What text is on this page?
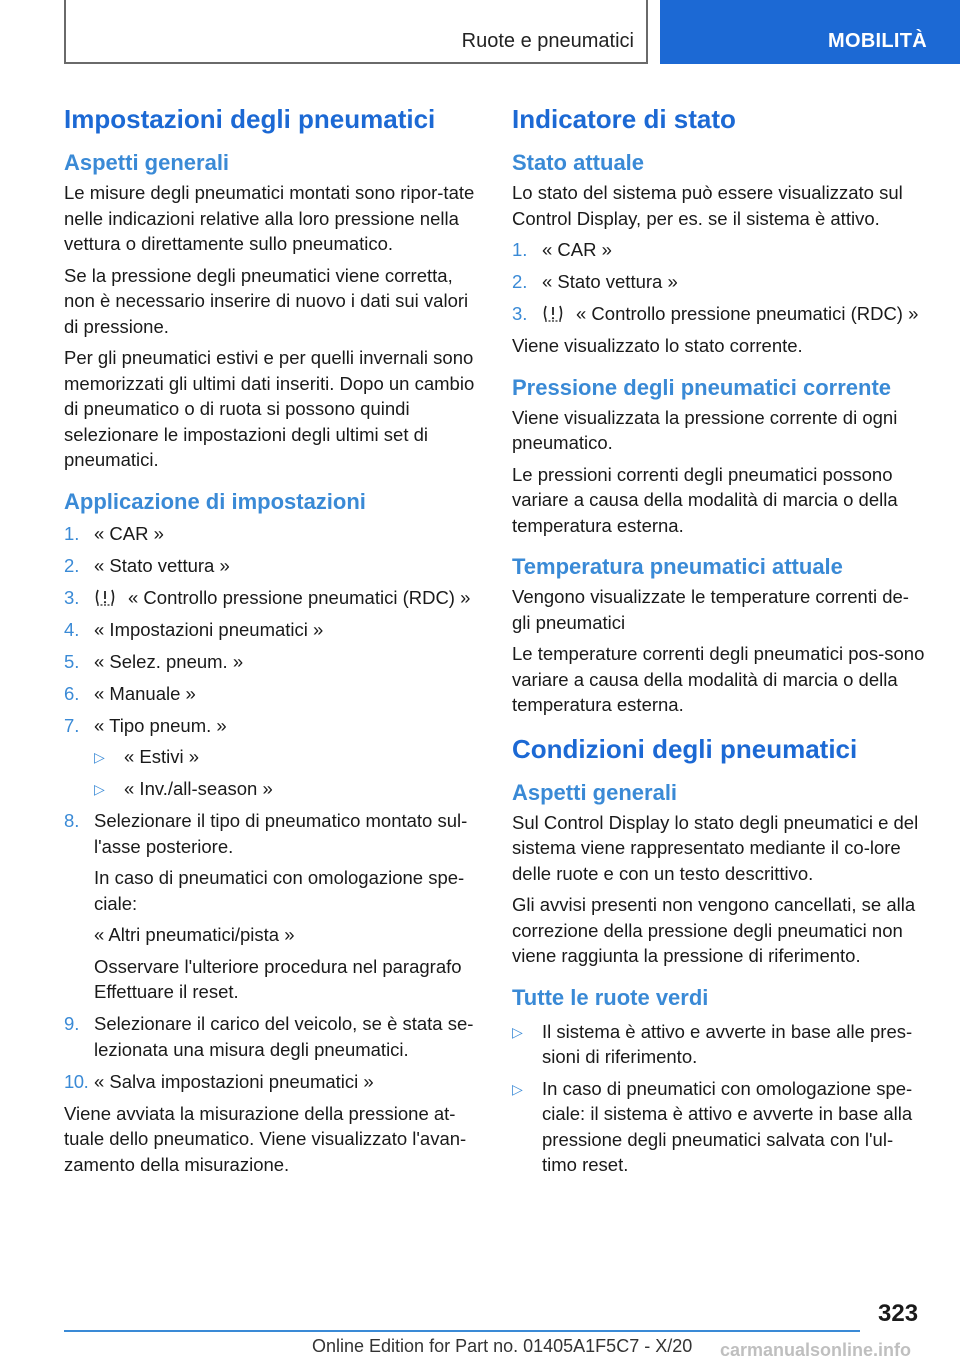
Ruote e pneumatici	MOBILITÀ
Impostazioni degli pneumatici
Aspetti generali

Le misure degli pneumatici montati sono ripor-tate nelle indicazioni relative alla loro pressione nella vettura o direttamente sullo pneumatico.

Se la pressione degli pneumatici viene corretta, non è necessario inserire di nuovo i dati sui valori di pressione.

Per gli pneumatici estivi e per quelli invernali sono memorizzati gli ultimi dati inseriti. Dopo un cambio di pneumatico o di ruota si possono quindi selezionare le impostazioni degli ultimi set di pneumatici.

Applicazione di impostazioni
1. « CAR »
2. « Stato vettura »
3.	« Controllo pressione pneumatici (RDC) »
4. « Impostazioni pneumatici »
5. « Selez. pneum. »
6. « Manuale »
7. « Tipo pneum. »
▷ « Estivi »
▷ « Inv./all-season »
8. Selezionare il tipo di pneumatico montato sul-l'asse posteriore.
In caso di pneumatici con omologazione spe-ciale:
« Altri pneumatici/pista »
Osservare l'ulteriore procedura nel paragrafo Effettuare il reset.
9. Selezionare il carico del veicolo, se è stata se-lezionata una misura degli pneumatici.
10. « Salva impostazioni pneumatici »

Viene avviata la misurazione della pressione at-tuale dello pneumatico. Viene visualizzato l'avan-zamento della misurazione.

Indicatore di stato
Stato attuale

Lo stato del sistema può essere visualizzato sul Control Display, per es. se il sistema è attivo.

1. « CAR »
2. « Stato vettura »
3.	« Controllo pressione pneumatici (RDC) »

Viene visualizzato lo stato corrente.

Pressione degli pneumatici corrente

Viene visualizzata la pressione corrente di ogni pneumatico.

Le pressioni correnti degli pneumatici possono variare a causa della modalità di marcia o della temperatura esterna.

Temperatura pneumatici attuale

Vengono visualizzate le temperature correnti de-gli pneumatici

Le temperature correnti degli pneumatici pos-sono variare a causa della modalità di marcia o della temperatura esterna.

Condizioni degli pneumatici
Aspetti generali

Sul Control Display lo stato degli pneumatici e del sistema viene rappresentato mediante il co-lore delle ruote e con un testo descrittivo.

Gli avvisi presenti non vengono cancellati, se alla correzione della pressione degli pneumatici non viene raggiunta la pressione di riferimento.

Tutte le ruote verdi
▷ Il sistema è attivo e avverte in base alle pres-sioni di riferimento.
▷ In caso di pneumatici con omologazione spe-ciale: il sistema è attivo e avverte in base alla pressione degli pneumatici salvata con l'ul-timo reset.
323
Online Edition for Part no. 01405A1F5C7 - X/20 carmanualsonline.info
